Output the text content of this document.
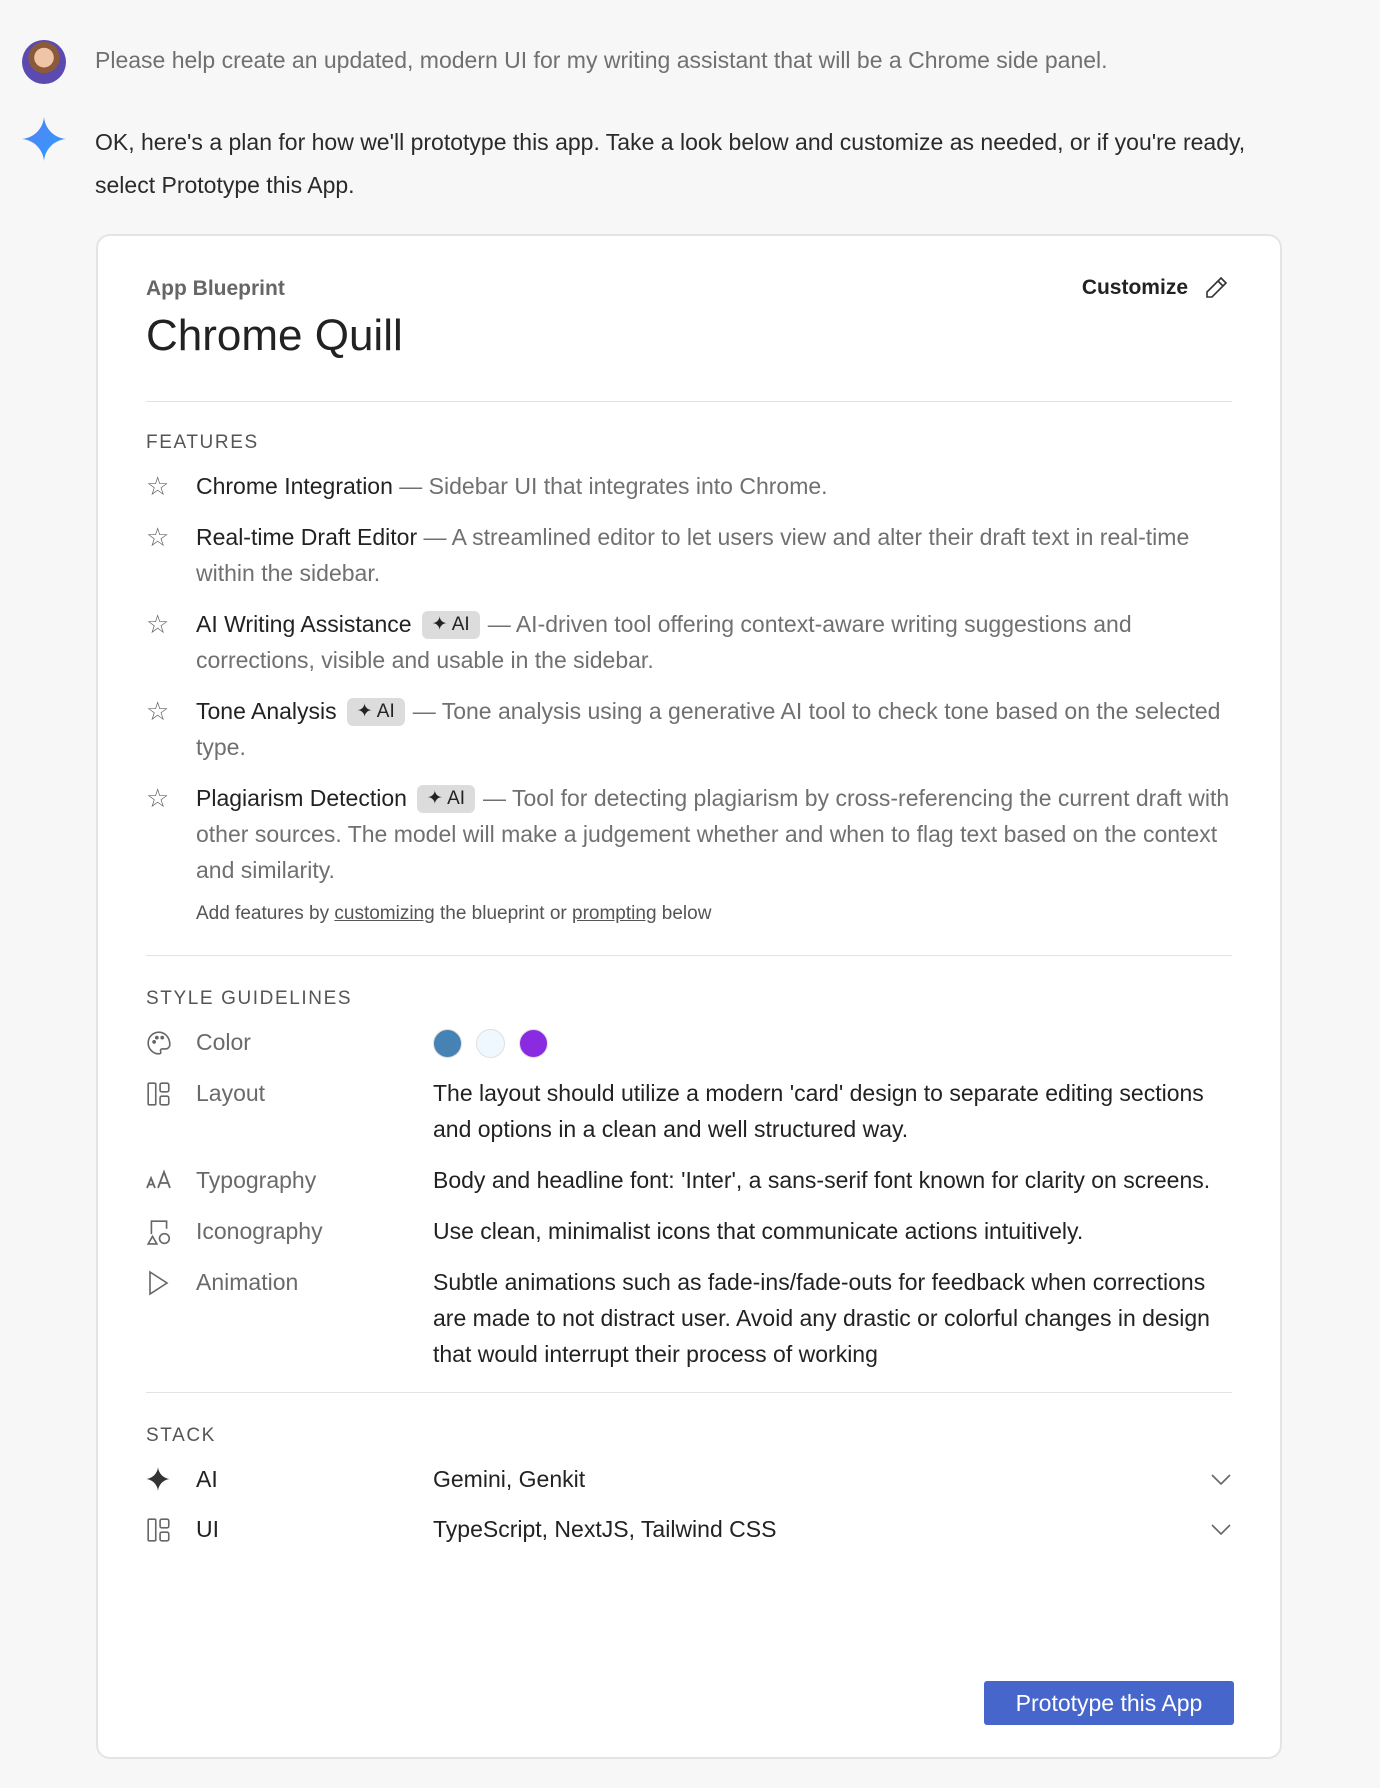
Please help create an updated, modern UI for my writing assistant that will be a Chrome side panel.
OK, here's a plan for how we'll prototype this app. Take a look below and customize as needed, or if you're ready, select Prototype this App.
App Blueprint
Chrome Quill
Customize
FEATURES
☆	Chrome Integration — Sidebar UI that integrates into Chrome.
☆	Real-time Draft Editor — A streamlined editor to let users view and alter their draft text in real-time within the sidebar.
☆	AI Writing Assistance ✦ AI — AI-driven tool offering context-aware writing suggestions and corrections, visible and usable in the sidebar.
☆	Tone Analysis ✦ AI — Tone analysis using a generative AI tool to check tone based on the selected type.
☆	Plagiarism Detection ✦ AI — Tool for detecting plagiarism by cross-referencing the current draft with other sources. The model will make a judgement whether and when to flag text based on the context and similarity.
Add features by customizing the blueprint or prompting below
STYLE GUIDELINES
Color
Layout	The layout should utilize a modern 'card' design to separate editing sections and options in a clean and well structured way.
Typography	Body and headline font: 'Inter', a sans-serif font known for clarity on screens.
Iconography	Use clean, minimalist icons that communicate actions intuitively.
Animation	Subtle animations such as fade-ins/fade-outs for feedback when corrections are made to not distract user. Avoid any drastic or colorful changes in design that would interrupt their process of working
STACK
AI	Gemini, Genkit
UI	TypeScript, NextJS, Tailwind CSS
Prototype this App
